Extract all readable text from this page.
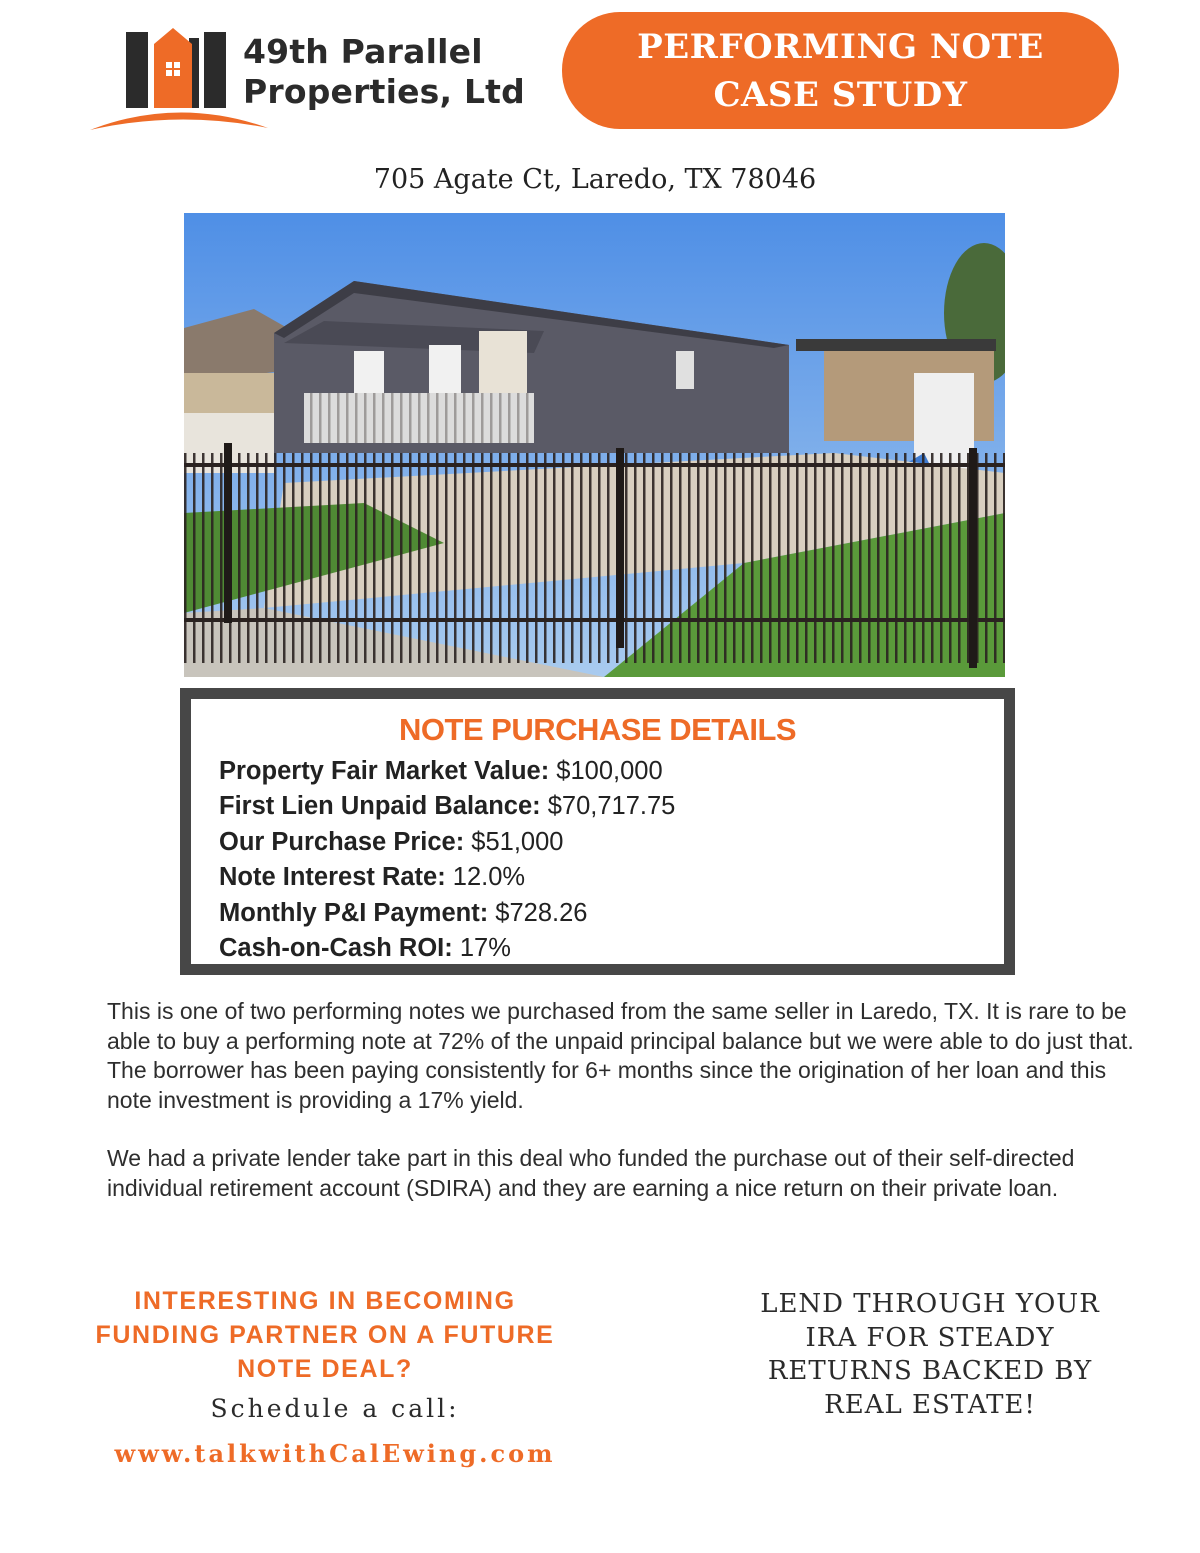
49th Parallel
Properties, Ltd
PERFORMING NOTE
CASE STUDY
705 Agate Ct, Laredo, TX 78046
NOTE PURCHASE DETAILS
Property Fair Market Value: $100,000
First Lien Unpaid Balance: $70,717.75
Our Purchase Price: $51,000
Note Interest Rate: 12.0%
Monthly P&I Payment: $728.26
Cash-on-Cash ROI: 17%

This is one of two performing notes we purchased from the same seller in Laredo, TX. It is rare to be able to buy a performing note at 72% of the unpaid principal balance but we were able to do just that. The borrower has been paying consistently for 6+ months since the origination of her loan and this note investment is providing a 17% yield.

We had a private lender take part in this deal who funded the purchase out of their self-directed individual retirement account (SDIRA) and they are earning a nice return on their private loan.

INTERESTING IN BECOMING
FUNDING PARTNER ON A FUTURE
NOTE DEAL?
Schedule a call:
www.talkwithCalEwing.com
LEND THROUGH YOUR
IRA FOR STEADY
RETURNS BACKED BY
REAL ESTATE!
